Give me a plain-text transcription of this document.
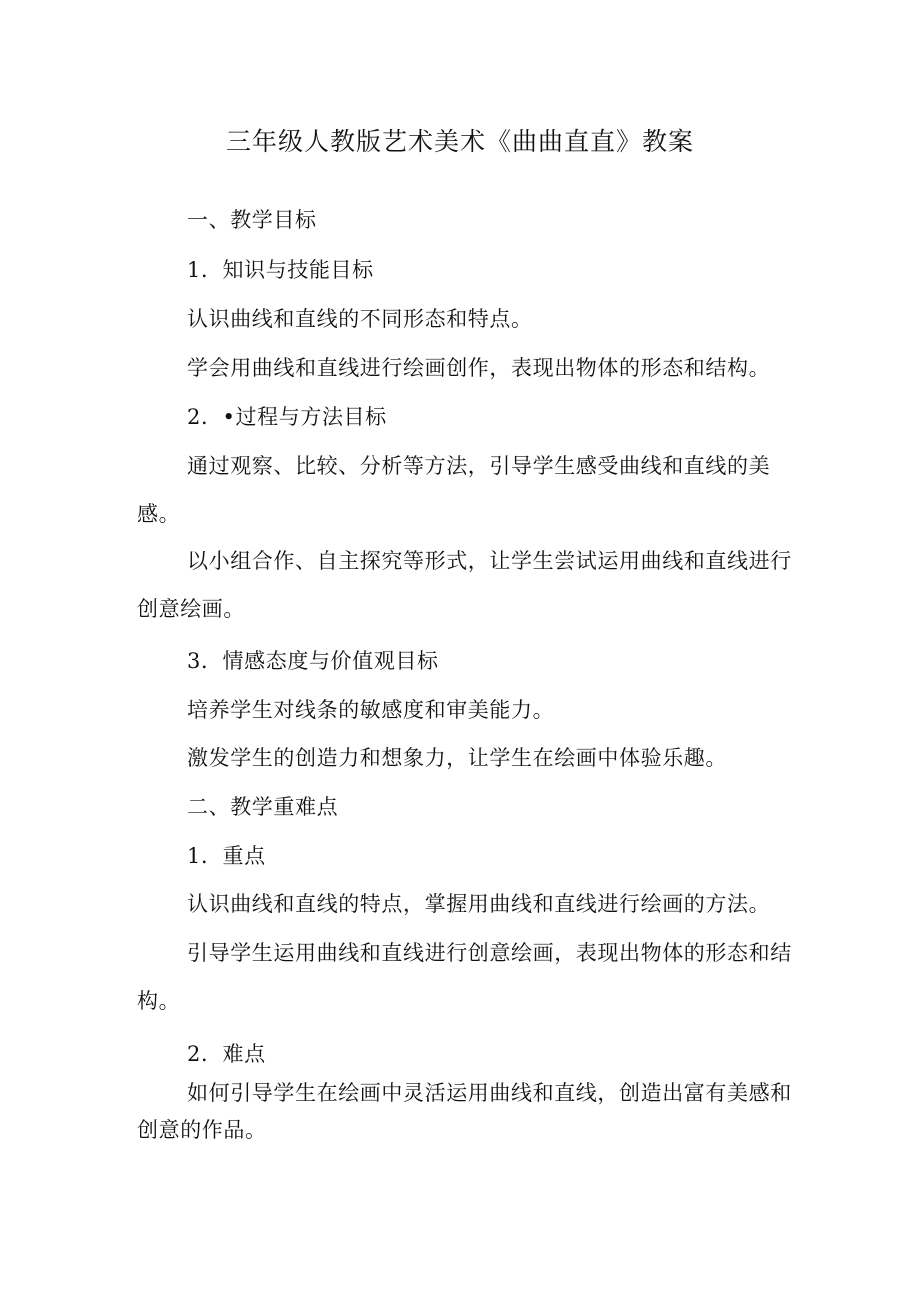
三年级人教版艺术美术《曲曲直直》教案
一、教学目标
1．知识与技能目标
认识曲线和直线的不同形态和特点。
学会用曲线和直线进行绘画创作，表现出物体的形态和结构。
2．•过程与方法目标
通过观察、比较、分析等方法，引导学生感受曲线和直线的美感。
以小组合作、自主探究等形式，让学生尝试运用曲线和直线进行创意绘画。
3．情感态度与价值观目标
培养学生对线条的敏感度和审美能力。
激发学生的创造力和想象力，让学生在绘画中体验乐趣。
二、教学重难点
1．重点
认识曲线和直线的特点，掌握用曲线和直线进行绘画的方法。
引导学生运用曲线和直线进行创意绘画，表现出物体的形态和结构。
2．难点
如何引导学生在绘画中灵活运用曲线和直线，创造出富有美感和创意的作品。
